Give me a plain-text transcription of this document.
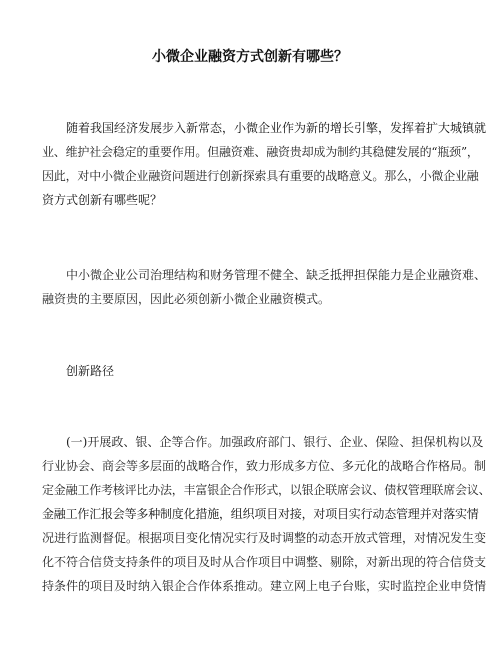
小微企业融资方式创新有哪些？
随着我国经济发展步入新常态，小微企业作为新的增长引擎，发挥着扩大城镇就
业、维护社会稳定的重要作用。但融资难、融资贵却成为制约其稳健发展的“瓶颈”，
因此，对中小微企业融资问题进行创新探索具有重要的战略意义。那么，小微企业融
资方式创新有哪些呢？
中小微企业公司治理结构和财务管理不健全、缺乏抵押担保能力是企业融资难、
融资贵的主要原因，因此必须创新小微企业融资模式。
创新路径
(一)开展政、银、企等合作。加强政府部门、银行、企业、保险、担保机构以及
行业协会、商会等多层面的战略合作，致力形成多方位、多元化的战略合作格局。制
定金融工作考核评比办法，丰富银企合作形式，以银企联席会议、债权管理联席会议、
金融工作汇报会等多种制度化措施，组织项目对接，对项目实行动态管理并对落实情
况进行监测督促。根据项目变化情况实行及时调整的动态开放式管理，对情况发生变
化不符合信贷支持条件的项目及时从合作项目中调整、剔除，对新出现的符合信贷支
持条件的项目及时纳入银企合作体系推动。建立网上电子台账，实时监控企业申贷情
